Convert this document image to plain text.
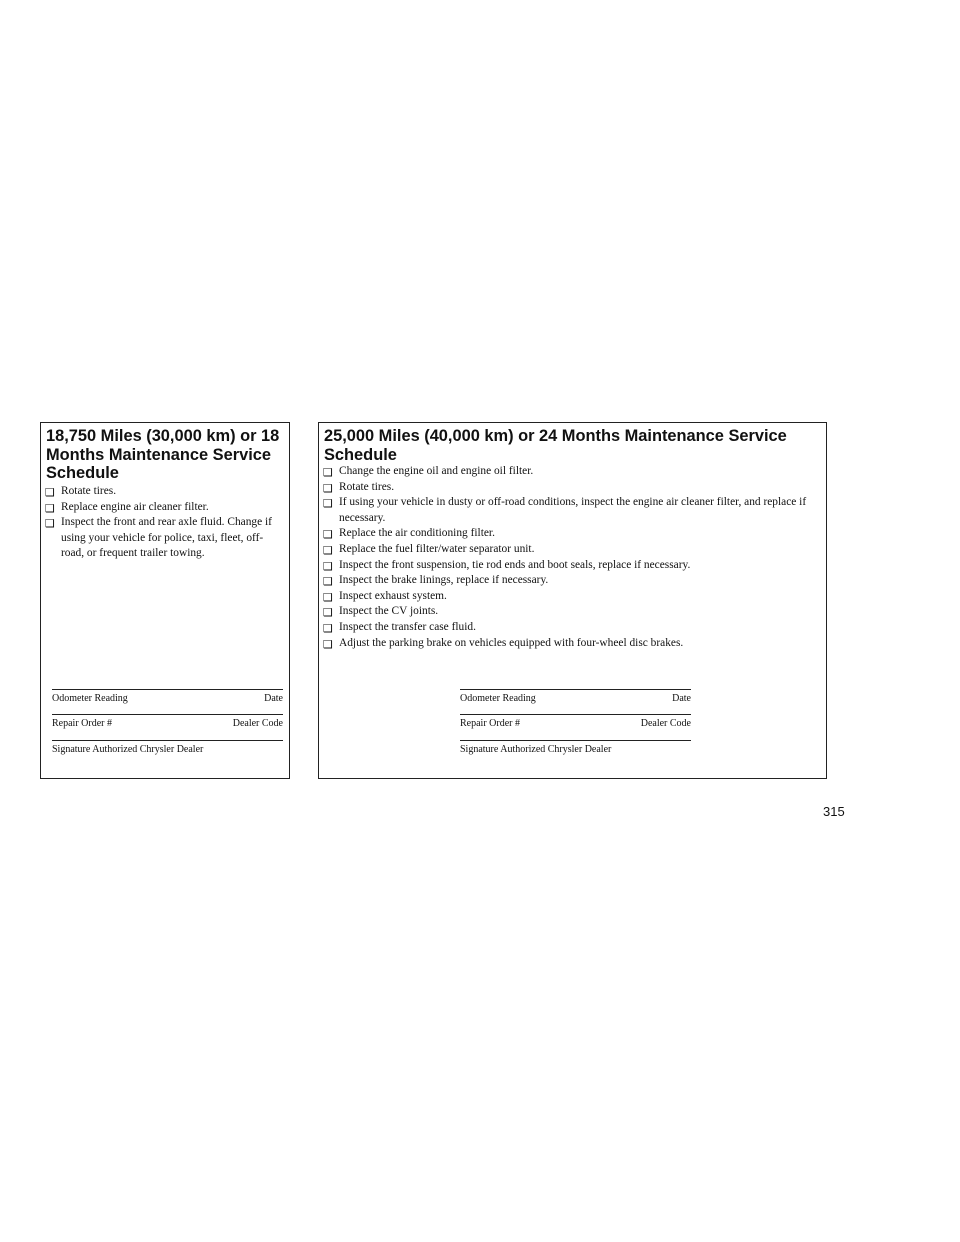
18,750 Miles (30,000 km) or 18 Months Maintenance Service Schedule
❑ Rotate tires.
❑ Replace engine air cleaner filter.
❑ Inspect the front and rear axle fluid. Change if using your vehicle for police, taxi, fleet, off-road, or frequent trailer towing.
Odometer Reading	Date
Repair Order #	Dealer Code
Signature Authorized Chrysler Dealer
25,000 Miles (40,000 km) or 24 Months Maintenance Service Schedule
❑ Change the engine oil and engine oil filter.
❑ Rotate tires.
❑ If using your vehicle in dusty or off-road conditions, inspect the engine air cleaner filter, and replace if necessary.
❑ Replace the air conditioning filter.
❑ Replace the fuel filter/water separator unit.
❑ Inspect the front suspension, tie rod ends and boot seals, replace if necessary.
❑ Inspect the brake linings, replace if necessary.
❑ Inspect exhaust system.
❑ Inspect the CV joints.
❑ Inspect the transfer case fluid.
❑ Adjust the parking brake on vehicles equipped with four-wheel disc brakes.
Odometer Reading	Date
Repair Order #	Dealer Code
Signature Authorized Chrysler Dealer
315
